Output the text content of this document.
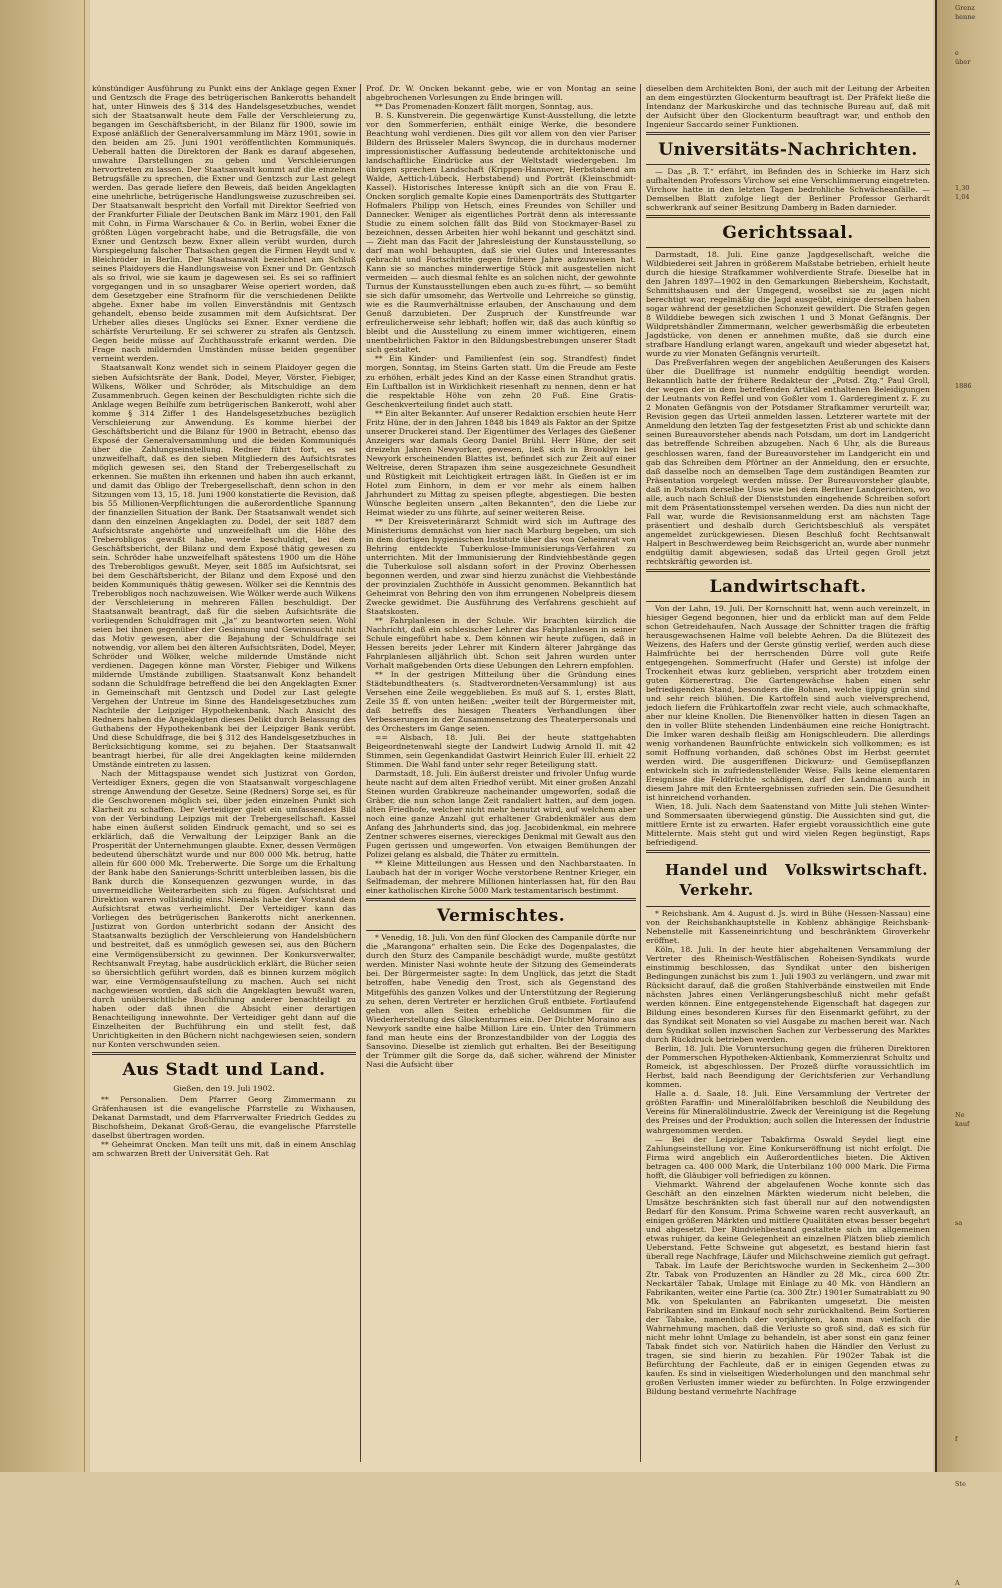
künstündiger Ausführung zu Punkt eins der Anklage gegen Exner und Gentzsch die Frage des betrügerischen Bankerotts behandelt hat, unter Hinweis des § 314 des Handelsgesetzbuches, wendet sich der Staatsanwalt heute dem Falle der Verschleierung zu, begangen im Geschäftsbericht, in der Bilanz für 1900, sowie im Exposé anläßlich der Generalversammlung im März 1901, sowie in den beiden am 25. Juni 1901 veröffentlichten Kommuniqués. Ueberall hatten die Direktoren der Bank es darauf abgesehen, unwahre Darstellungen zu geben und Verschleierungen hervortreten zu lassen. Der Staatsanwalt kommt auf die einzelnen Betrugsfälle zu sprechen, die Exner und Gentzsch zur Last gelegt werden. Das gerade liefere den Beweis, daß beiden Angeklagten eine unehrliche, betrügerische Handlungsweise zuzuschreiben sei. Der Staatsanwalt bespricht den Vorfall mit Direktor Seefried von der Frankfurter Filiale der Deutschen Bank im März 1901, den Fall mit Cohn, in Firma Warschauer & Co. in Berlin, wobei Exner die größten Lügen vorgebracht habe, und die Betrugsfälle, die von Exner und Gentzsch bezw. Exner allein verübt wurden, durch Vorspiegelung falscher Thatsachen gegen die Firmen Heydt und v. Bleichröder in Berlin. Der Staatsanwalt bezeichnet am Schluß seines Plaidoyers die Handlungsweise von Exner und Dr. Gentzsch als so frivol, wie sie kaum je dagewesen sei. Es sei so raffiniert vorgegangen und in so unsagbarer Weise operiert worden, daß dem Gesetzgeber eine Strafnorm für die verschiedenen Delikte abgehe. Exner habe im vollen Einverständnis mit Gentzsch gehandelt, ebenso beide zusammen mit dem Aufsichtsrat. Der Urheber alles dieses Unglücks sei Exner. Exner verdiene die schärfste Verurteilung. Er sei schwerer zu strafen als Gentzsch. Gegen beide müsse auf Zuchthausstrafe erkannt werden. Die Frage nach mildernden Umständen müsse beiden gegenüber verneint werden.

Staatsanwalt Konz wendet sich in seinem Plaidoyer gegen die sieben Aufsichtsräte der Bank, Dodel, Meyer, Vörster, Fiebiger, Wilkens, Wölker und Schröder, als Mitschuldige an dem Zusammenbruch. Gegen keinen der Beschuldigten richte sich die Anklage wegen Beihilfe zum betrügerischen Bankerott, wohl aber komme § 314 Ziffer 1 des Handelsgesetzbuches bezüglich Verschleierung zur Anwendung. Es komme hierbei der Geschäftsbericht und die Bilanz für 1900 in Betracht, ebenso das Exposé der Generalversammlung und die beiden Kommuniqués über die Zahlungseinstellung. Redner führt fort, es sei unzweifelhaft, daß es den sieben Mitgliedern des Aufsichtsrates möglich gewesen sei, den Stand der Trebergesellschaft zu erkennen. Sie mußten ihn erkennen und haben ihn auch erkannt, und damit das Obligo der Trebergesellschaft, denn schon in den Sitzungen vom 13, 15, 18. Juni 1900 konstatierte die Revision, daß bis 55 Millionen-Verpflichtungen die außerordentliche Spannung der finanziellen Situation der Bank. Der Staatsanwalt wendet sich dann den einzelnen Angeklagten zu. Dodel, der seit 1887 dem Aufsichtsrate angehörte und unzweifelhaft um die Höhe des Treberobligos gewußt habe, werde beschuldigt, bei dem Geschäftsbericht, der Bilanz und dem Exposé thätig gewesen zu sein. Schröder habe unzweifelhaft spätestens 1900 um die Höhe des Treberobligos gewußt. Meyer, seit 1885 im Aufsichtsrat, sei bei dem Geschäftsbericht, der Bilanz und dem Exposé und den beiden Kommuniqués thätig gewesen. Wölker sei die Kenntnis des Treberobligos noch nachzuweisen. Wie Wölker werde auch Wilkens der Verschleierung in mehreren Fällen beschuldigt. Der Staatsanwalt beantragt, daß für die sieben Aufsichtsräte die vorliegenden Schuldfragen mit „Ja“ zu beantworten seien. Wohl seien bei ihnen gegenüber der Gesinnung und Gewinnsucht nicht das Motiv gewesen, aber die Bejahung der Schuldfrage sei notwendig, vor allem bei den älteren Aufsichtsräten, Dodel, Meyer, Schröder und Wölker, welche mildernde Umstände nicht verdienen. Dagegen könne man Vörster, Fiebiger und Wilkens mildernde Umstände zubilligen. Staatsanwalt Konz behandelt sodann die Schuldfrage betreffend die bei den Angeklagten Exner in Gemeinschaft mit Gentzsch und Dodel zur Last gelegte Vergehen der Untreue im Sinne des Handelsgesetzbuches zum Nachteile der Leipziger Hypothekenbank. Nach Ansicht des Redners haben die Angeklagten dieses Delikt durch Belassung des Guthabens der Hypothekenbank bei der Leipziger Bank verübt. Und diese Schuldfrage, die bei § 312 des Handelsgesetzbuches in Berücksichtigung komme, sei zu bejahen. Der Staatsanwalt beantragt hierbei, für alle drei Angeklagten keine mildernden Umstände eintreten zu lassen.

Nach der Mittagspause wendet sich Justizrat von Gordon, Verteidiger Exners, gegen die von Staatsanwalt vorgeschlagene strenge Anwendung der Gesetze. Seine (Redners) Sorge sei, es für die Geschworenen möglich sei, über jeden einzelnen Punkt sich Klarheit zu schaffen. Der Verteidiger giebt ein umfassendes Bild von der Verbindung Leipzigs mit der Trebergesellschaft. Kassel habe einen äußerst soliden Eindruck gemacht, und so sei es erklärlich, daß die Verwaltung der Leipziger Bank an die Prosperität der Unternehmungen glaubte. Exner, dessen Vermögen bedeutend überschätzt wurde und nur 800 000 Mk. betrug, hatte allein für 600 000 Mk. Treberwerte. Die Sorge um die Erhaltung der Bank habe den Sanierungs-Schritt unterbleiben lassen, bis die Bank durch die Konsequenzen gezwungen wurde, in das unvermeidliche Weiterarbeiten sich zu fügen. Aufsichtsrat und Direktion waren vollständig eins. Niemals habe der Vorstand dem Aufsichtsrat etwas verheimlicht. Der Verteidiger kann das Vorliegen des betrügerischen Bankerotts nicht anerkennen. Justizrat von Gordon unterbricht sodann der Ansicht des Staatsanwalts bezüglich der Verschleierung von Handelsbüchern und bestreitet, daß es unmöglich gewesen sei, aus den Büchern eine Vermögensübersicht zu gewinnen. Der Konkursverwalter, Rechtsanwalt Freytag, habe ausdrücklich erklärt, die Bücher seien so übersichtlich geführt worden, daß es binnen kurzem möglich war, eine Vermögensaufstellung zu machen. Auch sei nicht nachgewiesen worden, daß sich die Angeklagten bewußt waren, durch unübersichtliche Buchführung anderer benachteiligt zu haben oder daß ihnen die Absicht einer derartigen Benachteiligung innewohnte. Der Verteidiger geht dann auf die Einzelheiten der Buchführung ein und stellt fest, daß Unrichtigkeiten in den Büchern nicht nachgewiesen seien, sondern nur Konten verschwunden seien.

Aus Stadt und Land.
Gießen, den 19. Juli 1902.

** Personalien. Dem Pfarrer Georg Zimmermann zu Gräfenhausen ist die evangelische Pfarrstelle zu Wixhausen, Dekanat Darmstadt, und dem Pfarrverwalter Friedrich Geddes zu Bischofsheim, Dekanat Groß-Gerau, die evangelische Pfarrstelle daselbst übertragen worden.

** Geheimrat Oncken. Man teilt uns mit, daß in einem Anschlag am schwarzen Brett der Universität Geh. Rat

Prof. Dr. W. Oncken bekannt gebe, wie er von Montag an seine abgebrochenen Vorlesungen zu Ende bringen will.

** Das Promenaden-Konzert fällt morgen, Sonntag, aus.

B. S. Kunstverein. Die gegenwärtige Kunst-Ausstellung, die letzte vor den Sommerferien, enthält einige Werke, die besondere Beachtung wohl verdienen. Dies gilt vor allem von den vier Pariser Bildern des Brüsseler Malers Swyncop, die in durchaus moderner impressionistischer Auffassung bedeutende architektonische und landschaftliche Eindrücke aus der Weltstadt wiedergeben. Im übrigen sprechen Landschaft (Krippen-Hannover, Herbstabend am Walde, Aettich-Lübeck, Herbstabend) und Porträt (Kleinschmidt-Kassel). Historisches Interesse knüpft sich an die von Frau E. Oncken sorglich gemalte Kopie eines Damenporträts des Stuttgarter Hofmalers Philipp von Hetsch, eines Freundes von Schiller und Dannecker. Weniger als eigentliches Porträt denn als interessante Studie zu einem solchen fällt das Bild von Stockmayer-Basel zu bezeichnen, dessen Arbeiten hier wohl bekannt und geschätzt sind. — Zieht man das Facit der Jahresleistung der Kunstausstellung, so darf man wohl behaupten, daß sie viel Gutes und Interessantes gebracht und Fortschritte gegen frühere Jahre aufzuweisen hat. Kann sie so manches minderwertige Stück mit ausgestellen nicht vermeiden — auch diesmal fehlte es an solchen nicht, der gewohnte Turnus der Kunstausstellungen eben auch zu-es führt, — so bemüht sie sich dafür umsomehr, das Wertvolle und Lehrreiche so günstig, wie es die Raumverhältnisse erlauben, der Anschauung und dem Genuß darzubieten. Der Zuspruch der Kunstfreunde war erfreulicherweise sehr lebhaft; hoffen wir, daß das auch künftig so bleibt und die Ausstellung zu einem immer wichtigeren, einem unentbehrlichen Faktor in den Bildungsbestrebungen unserer Stadt sich gestaltet.

** Ein Kinder- und Familienfest (ein sog. Strandfest) findet morgen, Sonntag, im Steins Garten statt. Um die Freude am Feste zu erhöhen, erhält jedes Kind an der Kasse einen Strandhut gratis. Ein Luftballon ist in Wirklichkeit riesenhaft zu nennen, denn er hat die respektable Höhe von zehn 20 Fuß. Eine Gratis-Geschenkverteilung findet auch statt.

** Ein alter Bekannter. Auf unserer Redaktion erschien heute Herr Fritz Hüne, der in den Jahren 1848 bis 1849 als Faktor an der Spitze unserer Druckerei stand. Der Eigentümer des Verlages des Gießener Anzeigers war damals Georg Daniel Brühl. Herr Hüne, der seit dreizehn Jahren Newyorker, gewesen, ließ sich in Brooklyn bei Newyork erscheinenden Blattes ist, befindet sich zur Zeit auf einer Weltreise, deren Strapazen ihm seine ausgezeichnete Gesundheit und Rüstigkeit mit Leichtigkeit ertragen läßt. In Gießen ist er im Hotel zum Einhorn, in dem er vor mehr als einem halben Jahrhundert zu Mittag zu speisen pflegte, abgestiegen. Die besten Wünsche begleiten unsern „alten Bekannten“, den die Liebe zur Heimat wieder zu uns führte, auf seiner weiteren Reise.

** Der Kreisveterinärarzt Schmidt wird sich im Auftrage des Ministeriums demnächst von hier nach Marburg begeben, um sich in dem dortigen hygienischen Institute über das von Geheimrat von Behring entdeckte Tuberkulose-Immunisierungs-Verfahren zu unterrichten. Mit der Immunisierung der Rindviehbestände gegen die Tuberkulose soll alsdann sofort in der Provinz Oberhessen begonnen werden, und zwar sind hierzu zunächst die Viehbestände der provinzialen Zuchthöfe in Aussicht genommen. Bekanntlich hat Geheimrat von Behring den von ihm errungenen Nobelpreis diesem Zwecke gewidmet. Die Ausführung des Verfahrens geschieht auf Staatskosten.

** Fahrplanlesen in der Schule. Wir brachten kürzlich die Nachricht, daß ein schlesischer Lehrer das Fahrplanlesen in seiner Schule eingeführt habe x. Dem können wir heute zufügen, daß in Hessen bereits jeder Lehrer mit Kindern älterer Jahrgänge das Fahrplanlesen alljährlich übt. Schon seit Jahren wurden unter Vorhalt maßgebenden Orts diese Uebungen den Lehrern empfohlen.

** In der gestrigen Mitteilung über die Gründung eines Städtebundtheaters (s. Stadtverordneten-Versammlung) ist aus Versehen eine Zeile weggeblieben. Es muß auf S. 1, erstes Blatt, Zeile 35 ff. von unten heißen: „weiter teilt der Bürgermeister mit, daß betreffs des hiesigen Theaters Verhandlungen über Verbesserungen in der Zusammensetzung des Theaterpersonals und des Orchesters im Gange seien.

== Alsbach, 18. Juli. Bei der heute stattgehabten Beigeordnetenwahl siegte der Landwirt Ludwig Arnold II. mit 42 Stimmen, sein Gegenkandidat Gastwirt Heinrich Euler III. erhielt 22 Stimmen. Die Wahl fand unter sehr reger Beteiligung statt.

Darmstadt, 18. Juli. Ein äußerst dreister und frivoler Unfug wurde heute nacht auf dem alten Friedhof verübt. Mit einer großen Anzahl Steinen wurden Grabkreuze nacheinander umgeworfen, sodaß die Gräber, die nun schon lange Zeit randaliert hatten, auf dem jogen. alten Friedhofe, welcher nicht mehr benutzt wird, auf welchem aber noch eine ganze Anzahl gut erhaltener Grabdenkmäler aus dem Anfang des Jahrhunderts sind, das jog. Jacobidenkmal, ein mehrere Zentner schweres eisernes, viereckiges Denkmal mit Gewalt aus den Fugen gerissen und umgeworfen. Von etwaigen Bemühungen der Polizei gelang es alsbald, die Thäter zu ermitteln.

** Kleine Mitteilungen aus Hessen und den Nachbarstaaten. In Laubach hat der in voriger Woche verstorbene Rentner Krieger, ein Selfmademan, der mehrere Millionen hinterlassen hat, für den Bau einer katholischen Kirche 5000 Mark testamentarisch bestimmt.

Vermischtes.

* Venedig, 18. Juli. Von den fünf Glocken des Campanile dürfte nur die „Marangona“ erhalten sein. Die Ecke des Dogenpalastes, die durch den Sturz des Campanile beschädigt wurde, mußte gestützt werden. Minister Nasi wohnte heute der Sitzung des Gemeinderats bei. Der Bürgermeister sagte: In dem Unglück, das jetzt die Stadt betroffen, habe Venedig den Trost, sich als Gegenstand des Mitgefühls des ganzen Volkes und der Unterstützung der Regierung zu sehen, deren Vertreter er herzlichen Gruß entbiete. Fortlaufend gehen von allen Seiten erhebliche Geldsummen für die Wiederherstellung des Glockenturmes ein. Der Dichter Moraino aus Newyork sandte eine halbe Million Lire ein. Unter den Trümmern fand man heute eins der Bronzestandbilder von der Loggia des Sansovino. Dieselbe ist ziemlich gut erhalten. Bei der Beseitigung der Trümmer gilt die Sorge da, daß sicher, während der Minister Nasi die Aufsicht über

dieselben dem Architekten Boni, der auch mit der Leitung der Arbeiten an dem eingestürzten Glockenturm beauftragt ist. Der Präfekt ließe die Intendanz der Markuskirche und das technische Bureau auf, daß mit der Aufsicht über den Glockenturm beauftragt war, und enthob den Ingenieur Saccardo seiner Funktionen.

Universitäts-Nachrichten.

— Das „B. T.“ erfährt, im Befinden des in Schierke im Harz sich aufhaltenden Professors Virchow sei eine Verschlimmerung eingetreten. Virchow hatte in den letzten Tagen bedrohliche Schwächeanfälle. — Demselben Blatt zufolge liegt der Berliner Professor Gerhardt schwerkrank auf seiner Besitzung Damberg in Baden darnieder.

Gerichtssaal.

Darmstadt, 18. Juli. Eine ganze Jagdgesellschaft, welche die Wildbiederei seit Jahren in größerem Maßstabe betrieben, erhielt heute durch die hiesige Strafkammer wohlverdiente Strafe. Dieselbe hat in den Jahren 1897—1902 in den Gemarkungen Biebersheim, Kochstadt, Schmittshausen und der Umgegend, woselbst sie zu jagen nicht berechtigt war, regelmäßig die Jagd ausgeübt, einige derselben haben sogar während der gesetzlichen Schonzeit gewildert. Die Strafen gegen 8 Wilddiebe bewegen sich zwischen 1 und 3 Monat Gefängnis. Der Wildpretshändler Zimmermann, welcher gewerbsmäßig die erbeuteten Jagdstücke, von denen er annehmen mußte, daß sie durch eine strafbare Handlung erlangt waren, angekauft und wieder abgesetzt hat, wurde zu vier Monaten Gefängnis verurteilt.

Das Preßverfahren wegen der angeblichen Aeußerungen des Kaisers über die Duellfrage ist nunmehr endgültig beendigt worden. Bekanntlich hatte der frühere Redakteur der „Potsd. Ztg.“ Paul Groll, der wegen der in dem betreffenden Artikel enthaltenen Beleidigungen der Leutnants von Reffel und von Goßler vom 1. Garderegiment z. F. zu 2 Monaten Gefängnis von der Potsdamer Strafkammer verurteilt war, Revision gegen das Urteil anmelden lassen. Letzterer wartete mit der Anmeldung den letzten Tag der festgesetzten Frist ab und schickte dann seinen Bureauvorsteher abends nach Potsdam, um dort im Landgericht das betreffende Schreiben abzugeben. Nach 6 Uhr, als die Bureaus geschlossen waren, fand der Bureauvorsteher im Landgericht ein und gab das Schreiben dem Pförtner an der Anmeldung, den er ersuchte, daß dasselbe noch an demselben Tage dem zuständigen Beamten zur Präsentation vorgelegt werden müsse. Der Bureauvorsteher glaubte, daß in Potsdam derselbe Usus wie bei dem Berliner Landgerichten, wo alle, auch nach Schluß der Dienststunden eingehende Schreiben sofort mit dem Präsentationsstempel versehen werden. Da dies nun nicht der Fall war, wurde die Revisionsanmeldung erst am nächsten Tage präsentiert und deshalb durch Gerichtsbeschluß als verspätet angemeldet zurückgewiesen. Diesen Beschluß focht Rechtsanwalt Halpert in Beschwerdeweg beim Reichsgericht an, wurde aber nunmehr endgültig damit abgewiesen, sodaß das Urteil gegen Groll jetzt rechtskräftig geworden ist.

Landwirtschaft.

Von der Lahn, 19. Juli. Der Kornschnitt hat, wenn auch vereinzelt, in hiesiger Gegend begonnen, hier und da erblickt man auf dem Felde schon Getreidehaufen. Nach Aussage der Schnitter tragen die fräftig herausgewachsenen Halme voll belebte Aehren. Da die Blütezeit des Weizens, des Hafers und der Gerste günstig verlief, werden auch diese Halmfrüchte bei der herrschenden Dürre voll gute Reife entgegengehen. Sommerfrucht (Hafer und Gerste) ist infolge der Trockenheit etwas kurz geblieben, verspricht aber trotzdem einen guten Körnerertrag. Die Gartengewächse haben einen sehr befriedigenden Stand, besonders die Bohnen, welche üppig grün sind und sehr reich blühen. Die Kartoffeln sind auch vielversprechend, jedoch liefern die Frühkartoffeln zwar recht viele, auch schmackhafte, aber nur kleine Knollen. Die Bienenvölker hatten in diesen Tagen an den in voller Blüte stehenden Lindenbäumen eine reiche Honigtracht. Die Imker waren deshalb fleißig am Honigschleudern. Die allerdings wenig vorhandenen Baumfrüchte entwickeln sich vollkommen; es ist somit Hoffnung vorhanden, daß schönes Obst im Herbst geerntet werden wird. Die ausgeriffenen Dickwurz- und Gemüsepflanzen entwickeln sich in zufriedenstellender Weise. Falls keine elementaren Ereignisse die Feldfrüchte schädigen, darf der Landmann auch in diesem Jahre mit den Ernteergebnissen zufrieden sein. Die Gesundheit ist hinreichend vorhanden.

Wien, 18. Juli. Nach dem Saatenstand von Mitte Juli stehen Winter- und Sommersaaten überwiegend günstig. Die Aussichten sind gut, die mittlere Ernte ist zu erwarten. Hafer ergiebt voraussichtlich eine gute Mittelernte. Mais steht gut und wird vielen Regen begünstigt, Raps befriedigend.

Handel und Verkehr.
Volkswirtschaft.

* Reichsbank. Am 4. August d. Js. wird in Bühe (Hessen-Nassau) eine von der Reichsbankhauptstelle in Koblenz abhängige Reichsbank-Nebenstelle mit Kasseneinrichtung und beschränktem Giroverkehr eröffnet.

Köln, 18. Juli. In der heute hier abgehaltenen Versammlung der Vertreter des Rheinisch-Westfälischen Roheisen-Syndikats wurde einstimmig beschlossen, das Syndikat unter den bisherigen Bedingungen zunächst bis zum 1. Juli 1903 zu verlängern, und zwar mit Rücksicht darauf, daß die großen Stahlverbände einstweilen mit Ende nächsten Jahres einen Verlängerungsbeschluß nicht mehr gefaßt werden können. Eine entgegenstehende Eigenschaft hat dagegen zur Bildung eines besonderen Kurses für den Eisenmarkt geführt, zu der das Syndikat seit Monaten so viel Ausgabe zu machen bereit war. Nach dem Syndikat sollen inzwischen Sachen zur Verbesserung des Marktes durch Rückdruck betrieben werden.

Berlin, 18. Juli. Die Voruntersuchung gegen die früheren Direktoren der Pommerschen Hypotheken-Aktienbank, Kommerzienrat Schultz und Romeick, ist abgeschlossen. Der Prozeß dürfte voraussichtlich im Herbst, bald nach Beendigung der Gerichtsferien zur Verhandlung kommen.

Halle a. d. Saale, 18. Juli. Eine Versammlung der Vertreter der größten Faraffin- und Mineralölfabriken beschloß die Neubildung des Vereins für Mineralölindustrie. Zweck der Vereinigung ist die Regelung des Preises und der Produktion; auch sollen die Interessen der Industrie wahrgenommen werden.

— Bei der Leipziger Tabakfirma Oswald Seydel liegt eine Zahlungseinstellung vor. Eine Konkurseröffnung ist nicht erfolgt. Die Firma wird angeblich ein Außerordentliches bieten. Die Aktiven betragen ca. 400 000 Mark, die Unterbilanz 100 000 Mark. Die Firma hofft, die Gläubiger voll befriedigen zu können.

Viehmarkt. Während der abgelaufenen Woche konnte sich das Geschäft an den einzelnen Märkten wiederum nicht beleben, die Umsätze beschränkten sich fast überall nur auf den notwendigsten Bedarf für den Konsum. Prima Schweine waren recht ausverkauft, an einigen größeren Märkten und mittlere Qualitäten etwas besser begehrt und abgesetzt. Der Rindviehbestand gestaltete sich im allgemeinen etwas ruhiger, da keine Gelegenheit an einzelnen Plätzen blieb ziemlich Ueberstand. Fette Schweine gut abgesetzt, es bestand hierin fast überall rege Nachfrage, Läufer und Milchschweine ziemlich gut gefragt.

Tabak. Im Laufe der Berichtswoche wurden in Seckenheim 2—300 Ztr. Tabak von Produzenten an Händler zu 28 Mk., circa 600 Ztr. Neckartäler Tabak, Umlage mit Einlage zu 40 Mk. von Händlern an Fabrikanten, weiter eine Partie (ca. 300 Ztr.) 1901er Sumatrablatt zu 90 Mk. von Spekulanten an Fabrikanten umgesetzt. Die meisten Fabrikanten sind im Einkauf noch sehr zurückhaltend. Beim Sortieren der Tabake, namentlich der vorjährigen, kann man vielfach die Wahrnehmung machen, daß die Verluste so groß sind, daß es sich für nicht mehr lohnt Umlage zu behandeln, ist aber sonst ein ganz feiner Tabak findet sich vor. Natürlich haben die Händler den Verlust zu tragen, sie sind hierin zu bezahlen. Für 1902er Tabak ist die Befürchtung der Fachleute, daß er in einigen Gegenden etwas zu kaufen. Es sind in vielseitigen Wiederholungen und den manchmal sehr großen Verlusten immer wieder zu befürchten. In Folge erzwingender Bildung bestand vermehrte Nachfrage

Grenz
henne

e
über

1,30
1,04

1886

Ne
kauf

sa

f

Ste

A
